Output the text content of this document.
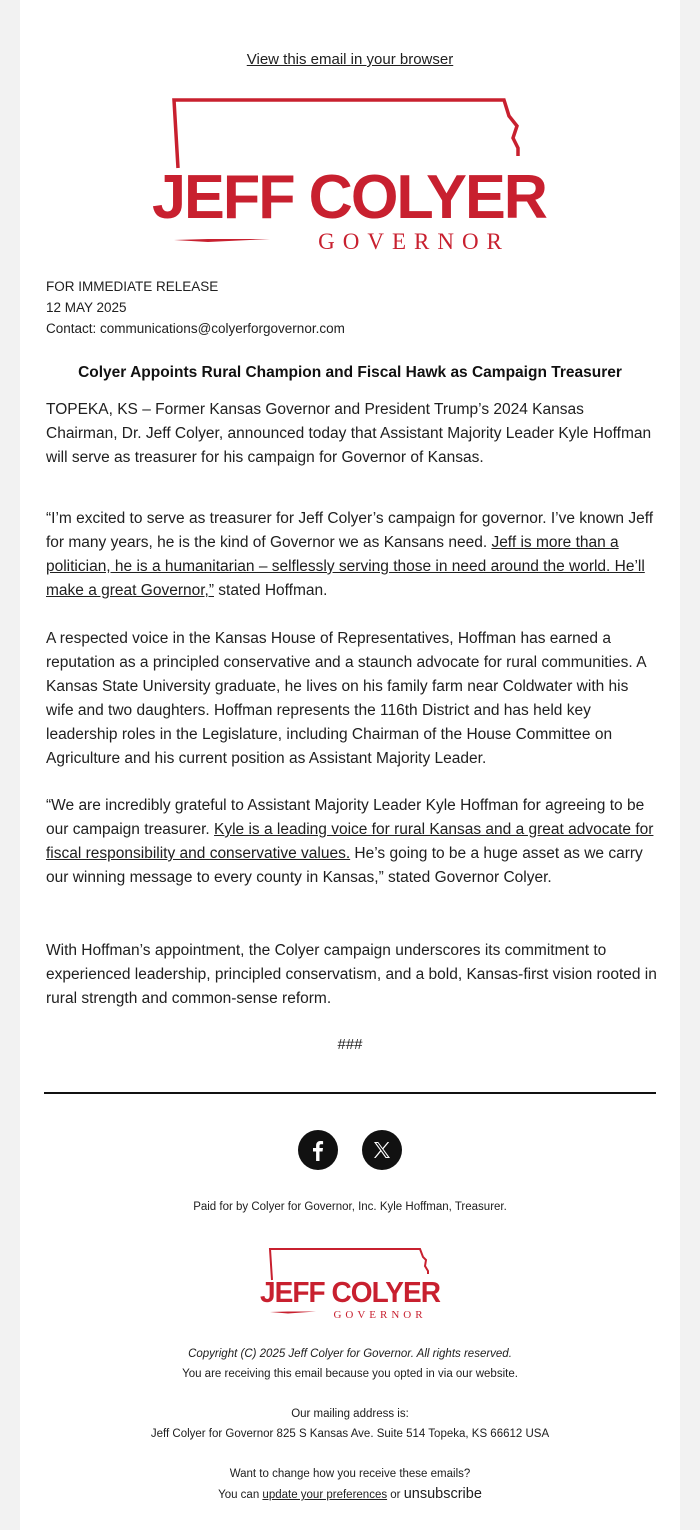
View this email in your browser
JEFF COLYER
GOVERNOR
FOR IMMEDIATE RELEASE
12 MAY 2025
Contact: communications@colyerforgovernor.com
Colyer Appoints Rural Champion and Fiscal Hawk as Campaign Treasurer

TOPEKA, KS – Former Kansas Governor and President Trump’s 2024 Kansas Chairman, Dr. Jeff Colyer, announced today that Assistant Majority Leader Kyle Hoffman will serve as treasurer for his campaign for Governor of Kansas.

“I’m excited to serve as treasurer for Jeff Colyer’s campaign for governor. I’ve known Jeff for many years, he is the kind of Governor we as Kansans need. Jeff is more than a politician, he is a humanitarian – selflessly serving those in need around the world. He’ll make a great Governor,” stated Hoffman.

A respected voice in the Kansas House of Representatives, Hoffman has earned a reputation as a principled conservative and a staunch advocate for rural communities. A Kansas State University graduate, he lives on his family farm near Coldwater with his wife and two daughters. Hoffman represents the 116th District and has held key leadership roles in the Legislature, including Chairman of the House Committee on Agriculture and his current position as Assistant Majority Leader.

“We are incredibly grateful to Assistant Majority Leader Kyle Hoffman for agreeing to be our campaign treasurer. Kyle is a leading voice for rural Kansas and a great advocate for fiscal responsibility and conservative values. He’s going to be a huge asset as we carry our winning message to every county in Kansas,” stated Governor Colyer.

With Hoffman’s appointment, the Colyer campaign underscores its commitment to experienced leadership, principled conservatism, and a bold, Kansas-first vision rooted in rural strength and common-sense reform.

###
Paid for by Colyer for Governor, Inc. Kyle Hoffman, Treasurer.
JEFF COLYER
GOVERNOR
Copyright (C) 2025 Jeff Colyer for Governor. All rights reserved.
You are receiving this email because you opted in via our website.
Our mailing address is:
Jeff Colyer for Governor 825 S Kansas Ave. Suite 514 Topeka, KS 66612 USA
Want to change how you receive these emails?
You can update your preferences or unsubscribe
